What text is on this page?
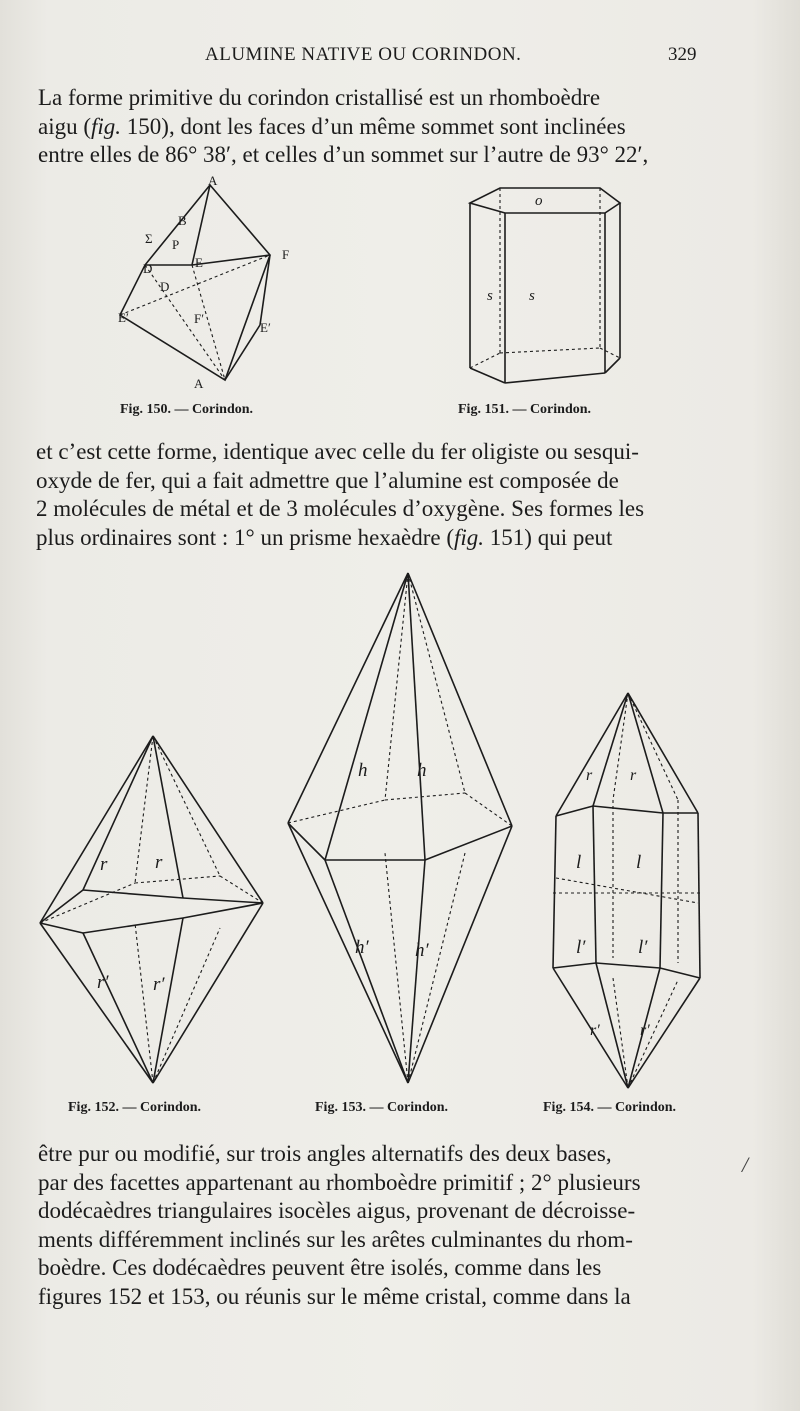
ALUMINE NATIVE OU CORINDON.	329

La forme primitive du corindon cristallisé est un rhomboèdre
aigu (fig. 150), dont les faces d’un même sommet sont inclinées
entre elles de 86° 38′, et celles d’un sommet sur l’autre de 93° 22′,

A
B
Σ P
F
E
D
D
E′	F′
E′
A
Fig. 150. — Corindon.
o
s s
Fig. 151. — Corindon.

et c’est cette forme, identique avec celle du fer oligiste ou sesqui-
oxyde de fer, qui a fait admettre que l’alumine est composée de
2 molécules de métal et de 3 molécules d’oxygène. Ses formes les
plus ordinaires sont : 1° un prisme hexaèdre (fig. 151) qui peut

r	r
r′ r′
Fig. 152. — Corindon.
h	h
h′ h′
Fig. 153. — Corindon.
r r
l	l
l′	l′
r′	r′
Fig. 154. — Corindon.

être pur ou modifié, sur trois angles alternatifs des deux bases,
par des facettes appartenant au rhomboèdre primitif ; 2° plusieurs
dodécaèdres triangulaires isocèles aigus, provenant de décroisse-
ments différemment inclinés sur les arêtes culminantes du rhom-
boèdre. Ces dodécaèdres peuvent être isolés, comme dans les
figures 152 et 153, ou réunis sur le même cristal, comme dans la

/
